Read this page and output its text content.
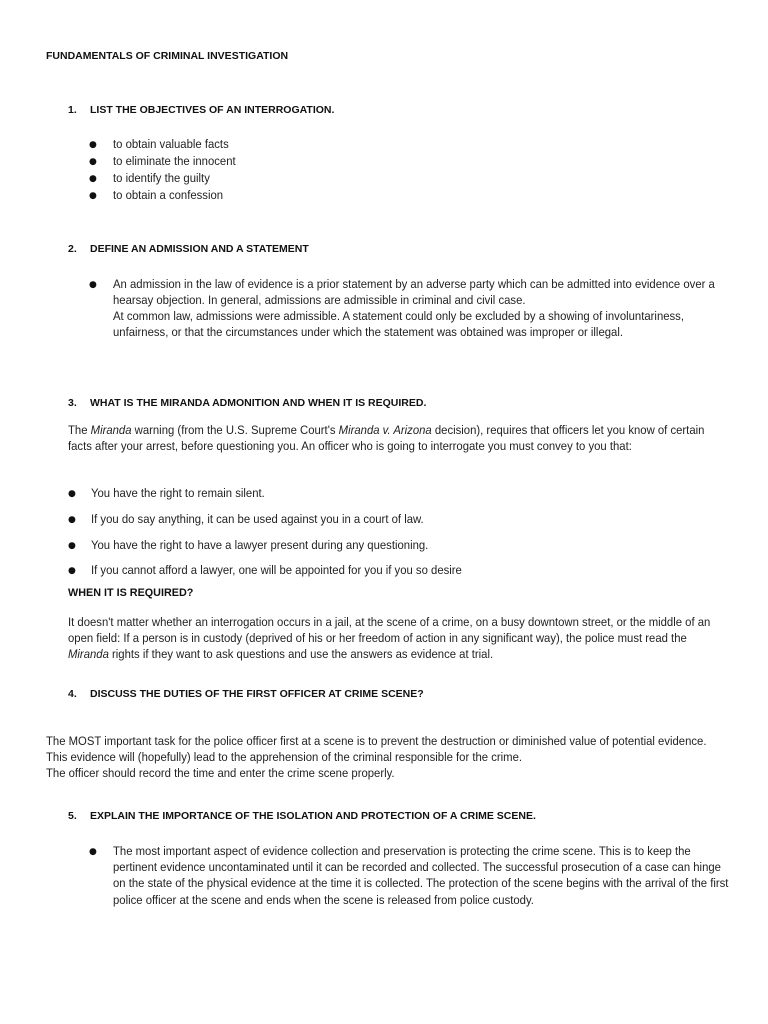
FUNDAMENTALS OF CRIMINAL INVESTIGATION
1. LIST THE OBJECTIVES OF AN INTERROGATION.
● to obtain valuable facts
● to eliminate the innocent
● to identify the guilty
● to obtain a confession
2. DEFINE AN ADMISSION AND A STATEMENT
● An admission in the law of evidence is a prior statement by an adverse party which can be admitted into evidence over a hearsay objection. In general, admissions are admissible in criminal and civil case.
At common law, admissions were admissible. A statement could only be excluded by a showing of involuntariness, unfairness, or that the circumstances under which the statement was obtained was improper or illegal.
3. WHAT IS THE MIRANDA ADMONITION AND WHEN IT IS REQUIRED.
The Miranda warning (from the U.S. Supreme Court's Miranda v. Arizona decision), requires that officers let you know of certain facts after your arrest, before questioning you. An officer who is going to interrogate you must convey to you that:
● You have the right to remain silent.
● If you do say anything, it can be used against you in a court of law.
● You have the right to have a lawyer present during any questioning.
● If you cannot afford a lawyer, one will be appointed for you if you so desire
WHEN IT IS REQUIRED?
It doesn't matter whether an interrogation occurs in a jail, at the scene of a crime, on a busy downtown street, or the middle of an open field: If a person is in custody (deprived of his or her freedom of action in any significant way), the police must read the Miranda rights if they want to ask questions and use the answers as evidence at trial.
4. DISCUSS THE DUTIES OF THE FIRST OFFICER AT CRIME SCENE?
The MOST important task for the police officer first at a scene is to prevent the destruction or diminished value of potential evidence. This evidence will (hopefully) lead to the apprehension of the criminal responsible for the crime.
The officer should record the time and enter the crime scene properly.
5. EXPLAIN THE IMPORTANCE OF THE ISOLATION AND PROTECTION OF A CRIME SCENE.
● The most important aspect of evidence collection and preservation is protecting the crime scene. This is to keep the pertinent evidence uncontaminated until it can be recorded and collected. The successful prosecution of a case can hinge on the state of the physical evidence at the time it is collected. The protection of the scene begins with the arrival of the first police officer at the scene and ends when the scene is released from police custody.
